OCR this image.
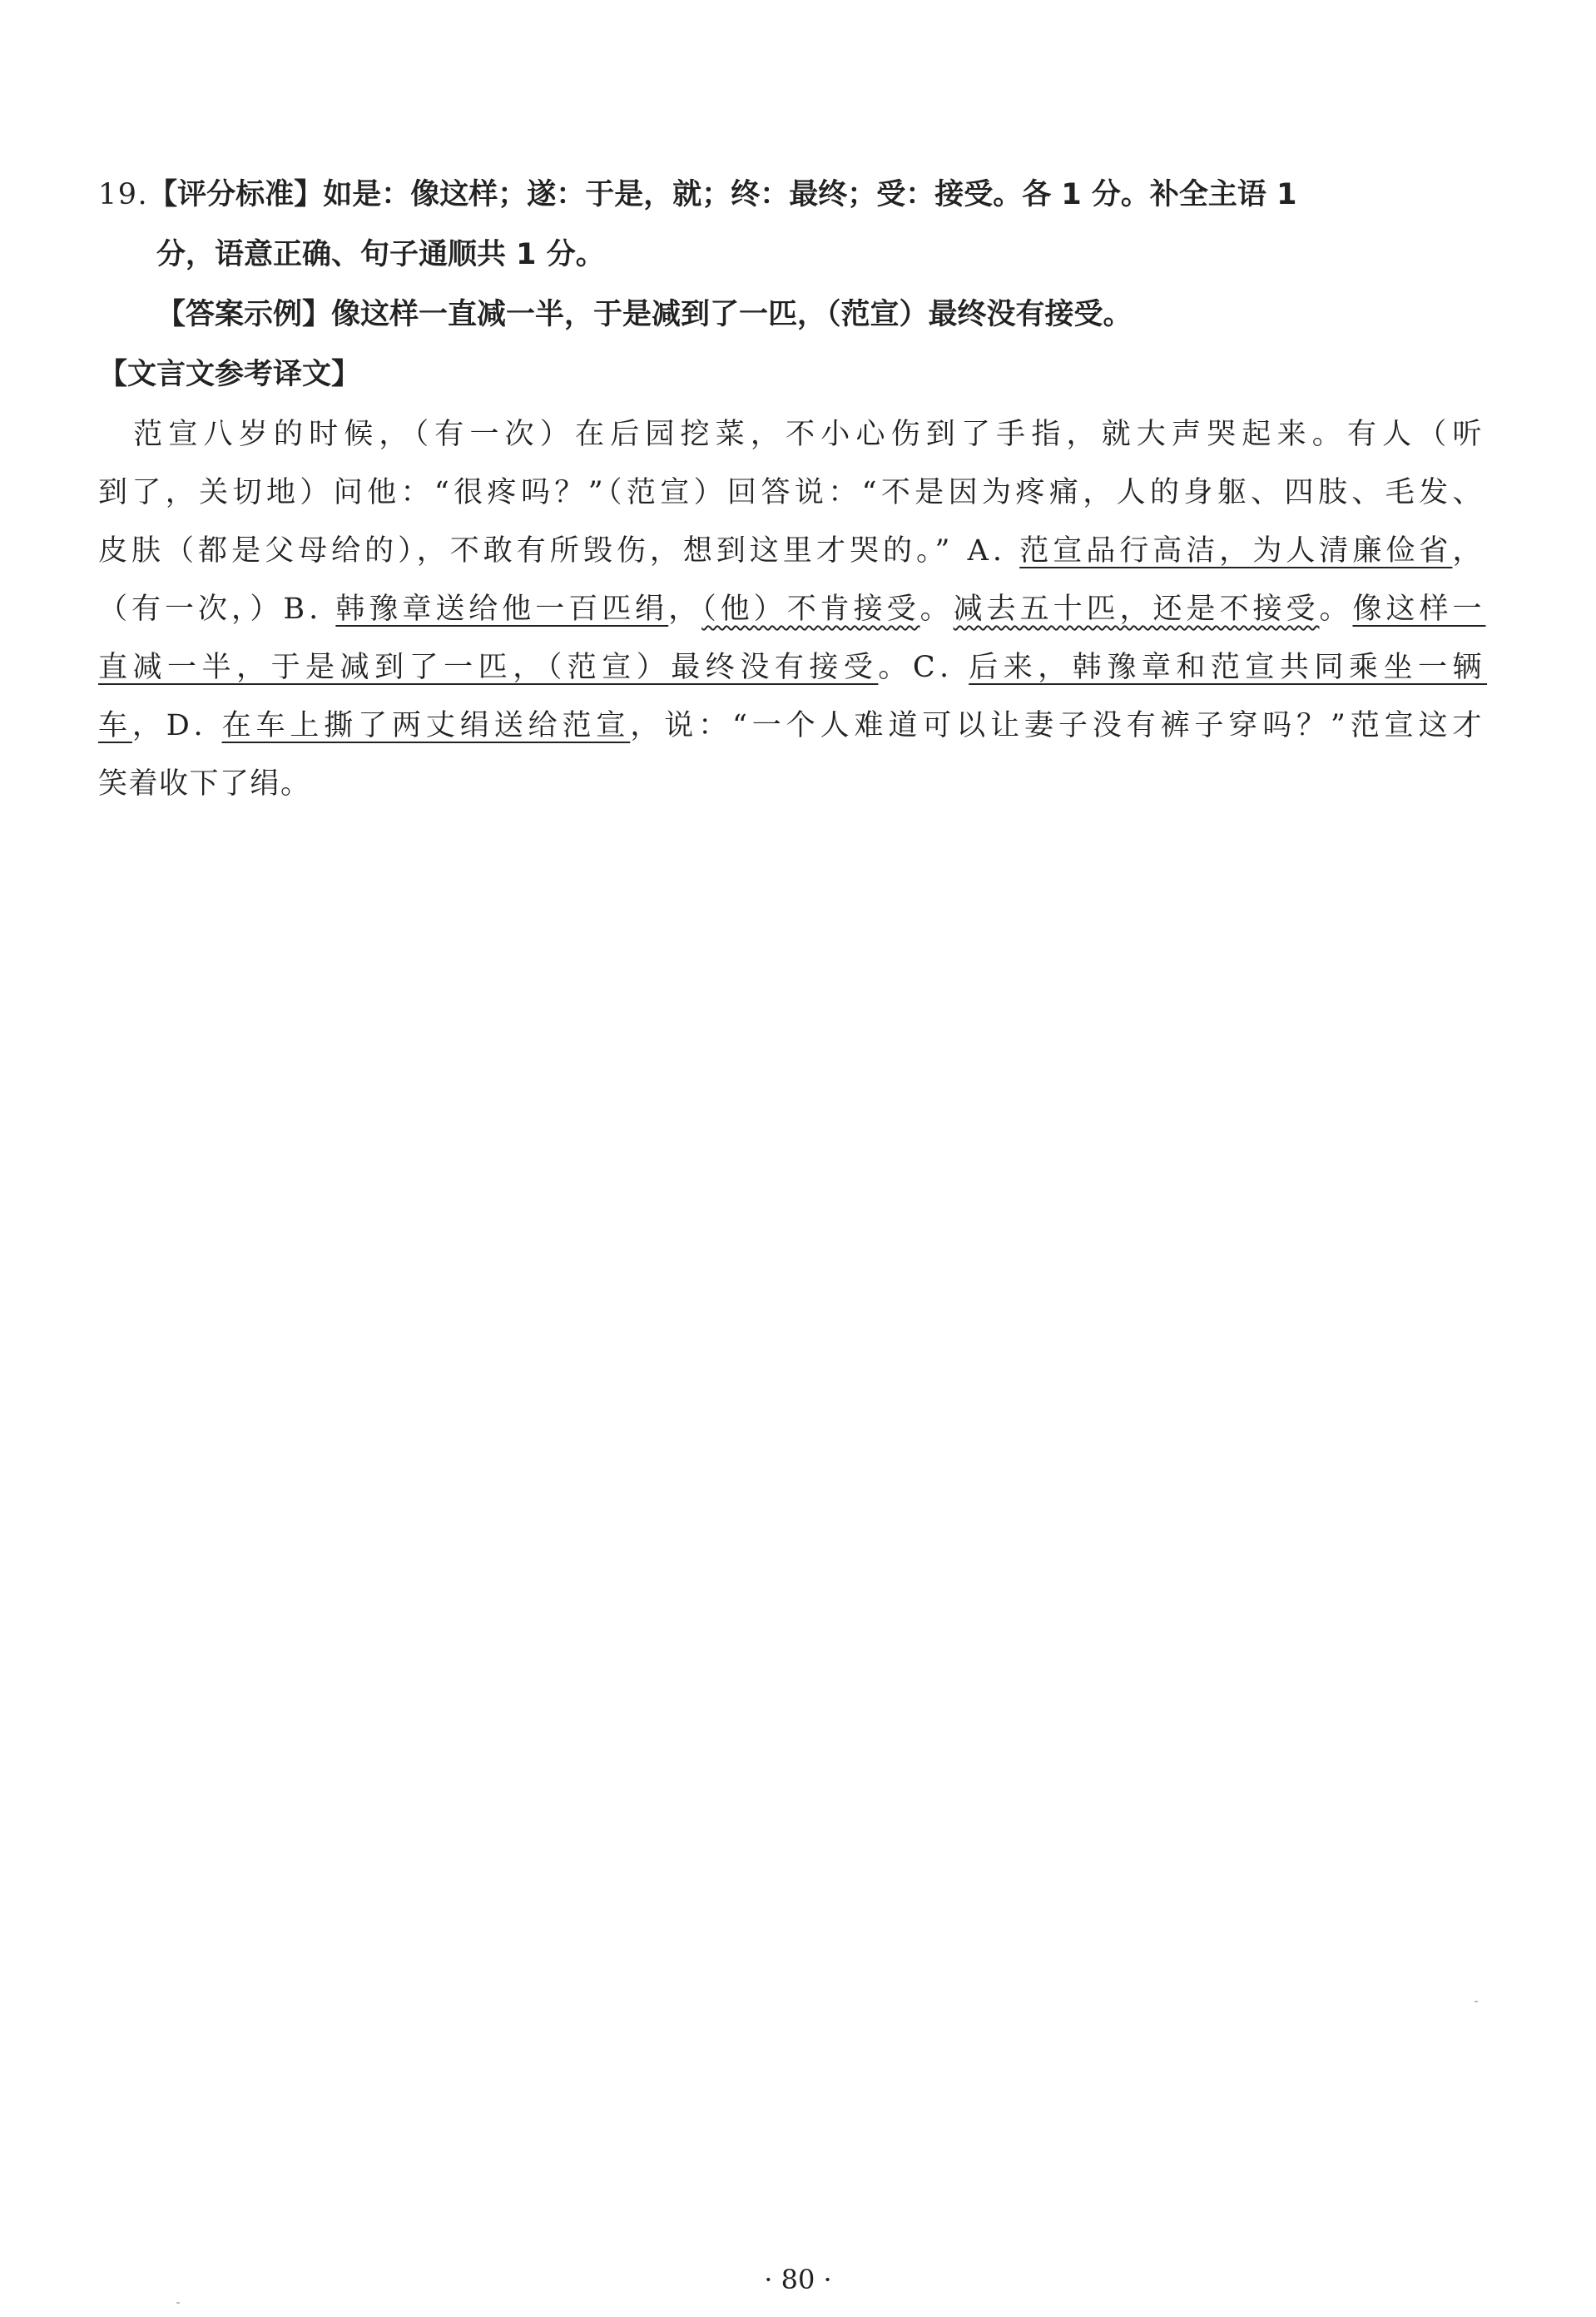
19.【评分标准】如是：像这样；遂：于是，就；终：最终；受：接受。各 1 分。补全主语 1
分，语意正确、句子通顺共 1 分。
【答案示例】像这样一直减一半，于是减到了一匹，（范宣）最终没有接受。
【文言文参考译文】
　范宣八岁的时候，（有一次）在后园挖菜，不小心伤到了手指，就大声哭起来。有人（听
到了，关切地）问他：“很疼吗？”（范宣）回答说：“不是因为疼痛，人的身躯、四肢、毛发、
皮肤（都是父母给的），不敢有所毁伤，想到这里才哭的。” A. 范宣品行高洁，为人清廉俭省，
（有一次，）B. 韩豫章送给他一百匹绢，（他）不肯接受。减去五十匹，还是不接受。像这样一
直减一半，于是减到了一匹，（范宣）最终没有接受。C. 后来，韩豫章和范宣共同乘坐一辆
车，D. 在车上撕了两丈绢送给范宣，说：“一个人难道可以让妻子没有裤子穿吗？”范宣这才
笑着收下了绢。
· 80 ·
